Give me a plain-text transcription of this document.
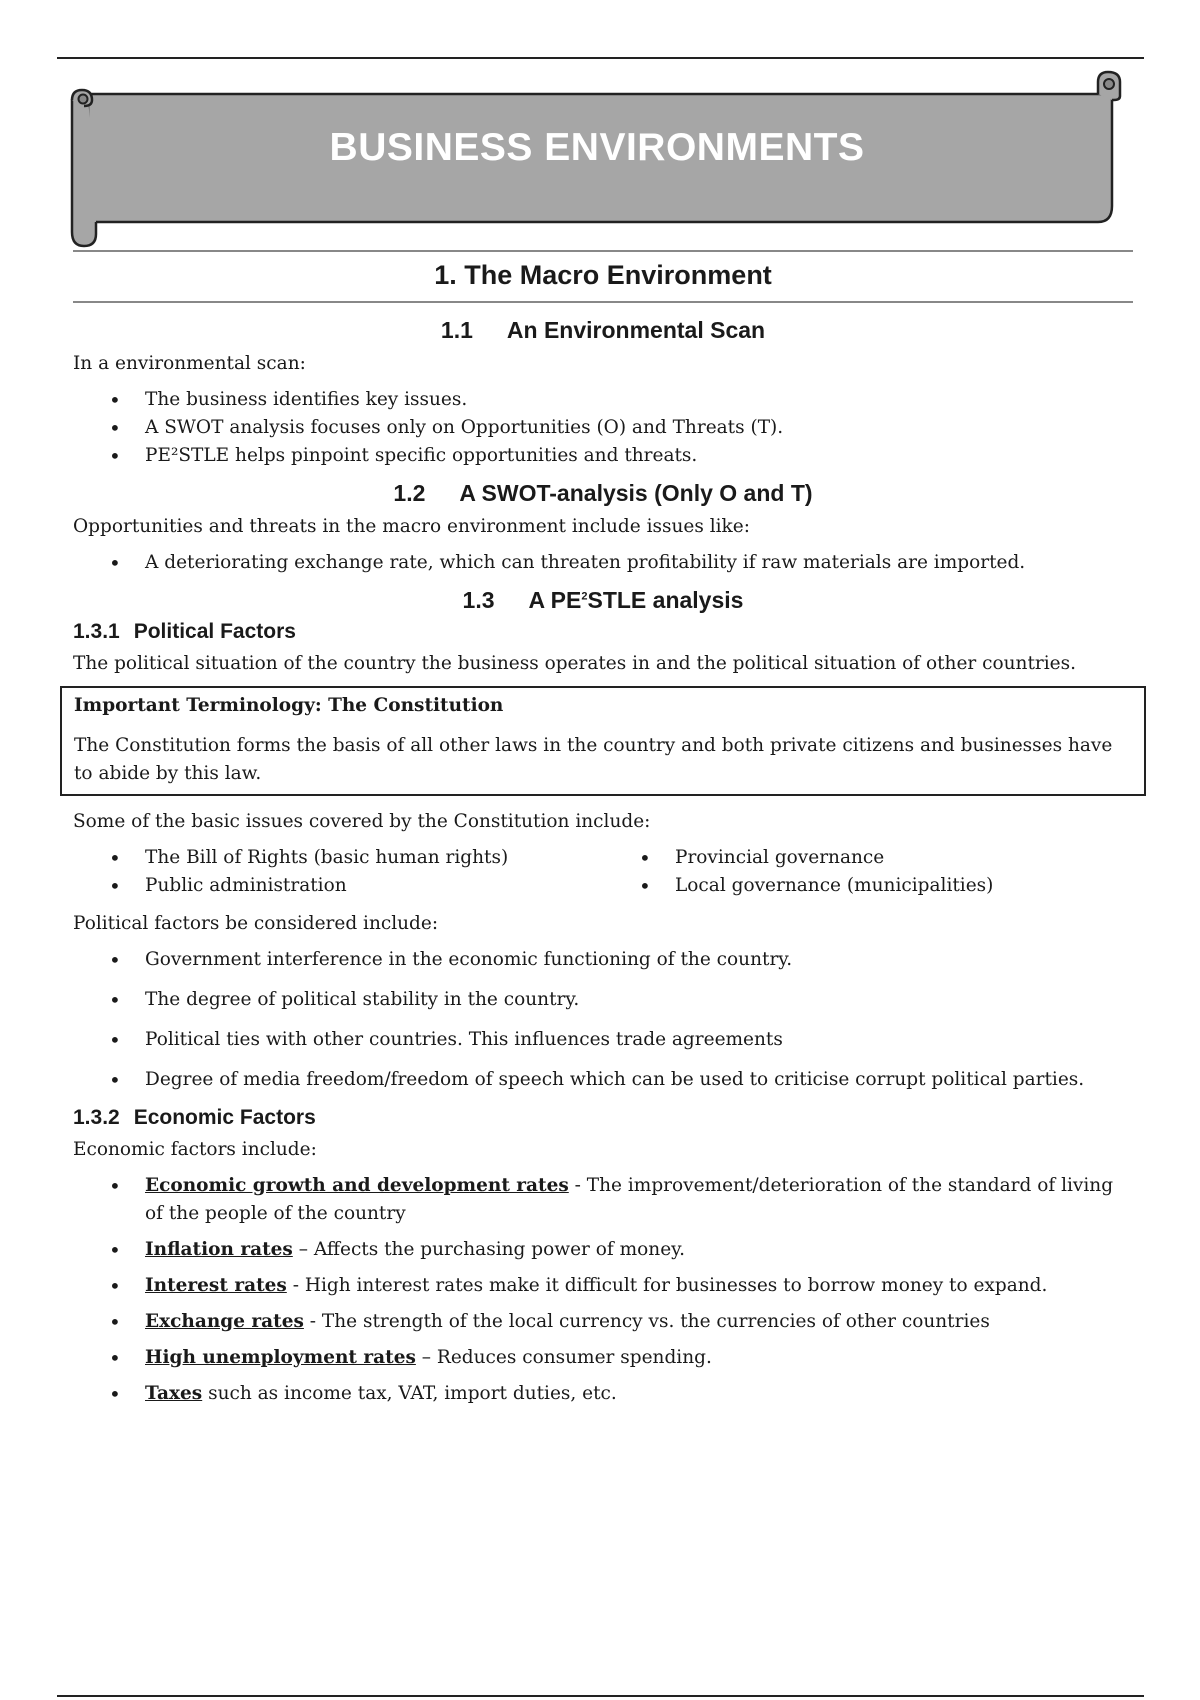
BUSINESS ENVIRONMENTS
1. The Macro Environment
1.1 An Environmental Scan

In a environmental scan:

• The business identifies key issues.
• A SWOT analysis focuses only on Opportunities (O) and Threats (T).
• PE²STLE helps pinpoint specific opportunities and threats.
1.2 A SWOT-analysis (Only O and T)

Opportunities and threats in the macro environment include issues like:

• A deteriorating exchange rate, which can threaten profitability if raw materials are imported.
1.3 A $PE^2STLE$ analysis
1.3.1 Political Factors

The political situation of the country the business operates in and the political situation of other countries.

Important Terminology: The Constitution
The Constitution forms the basis of all other laws in the country and both private citizens and businesses have to abide by this law.

Some of the basic issues covered by the Constitution include:

• The Bill of Rights (basic human rights)
• Public administration
• Provincial governance
• Local governance (municipalities)

Political factors be considered include:

• Government interference in the economic functioning of the country.
• The degree of political stability in the country.
• Political ties with other countries. This influences trade agreements
• Degree of media freedom/freedom of speech which can be used to criticise corrupt political parties.
1.3.2 Economic Factors

Economic factors include:

• Economic growth and development rates - The improvement/deterioration of the standard of living of the people of the country
• Inflation rates – Affects the purchasing power of money.
• Interest rates - High interest rates make it difficult for businesses to borrow money to expand.
• Exchange rates - The strength of the local currency vs. the currencies of other countries
• High unemployment rates – Reduces consumer spending.
• Taxes such as income tax, VAT, import duties, etc.
